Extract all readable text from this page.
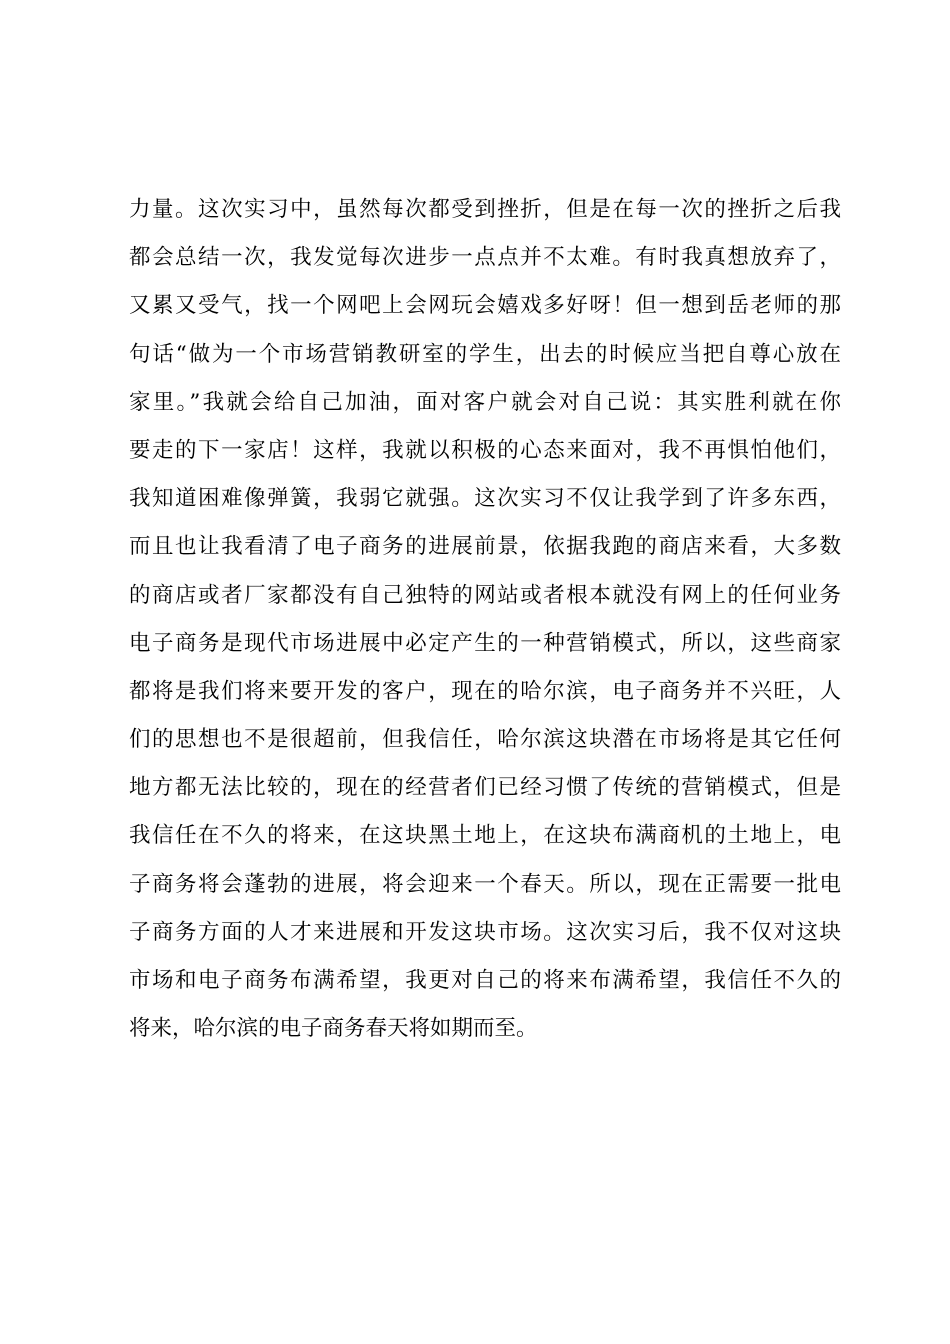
力量。这次实习中，虽然每次都受到挫折，但是在每一次的挫折之后我
都会总结一次，我发觉每次进步一点点并不太难。有时我真想放弃了，
又累又受气，找一个网吧上会网玩会嬉戏多好呀！但一想到岳老师的那
句话“做为一个市场营销教研室的学生，出去的时候应当把自尊心放在
家里。”我就会给自己加油，面对客户就会对自己说：其实胜利就在你
要走的下一家店！这样，我就以积极的心态来面对，我不再惧怕他们，
我知道困难像弹簧，我弱它就强。这次实习不仅让我学到了许多东西，
而且也让我看清了电子商务的进展前景，依据我跑的商店来看，大多数
的商店或者厂家都没有自己独特的网站或者根本就没有网上的任何业务
电子商务是现代市场进展中必定产生的一种营销模式，所以，这些商家
都将是我们将来要开发的客户，现在的哈尔滨，电子商务并不兴旺，人
们的思想也不是很超前，但我信任，哈尔滨这块潜在市场将是其它任何
地方都无法比较的，现在的经营者们已经习惯了传统的营销模式，但是
我信任在不久的将来，在这块黑土地上，在这块布满商机的土地上，电
子商务将会蓬勃的进展，将会迎来一个春天。所以，现在正需要一批电
子商务方面的人才来进展和开发这块市场。这次实习后，我不仅对这块
市场和电子商务布满希望，我更对自己的将来布满希望，我信任不久的
将来，哈尔滨的电子商务春天将如期而至。
